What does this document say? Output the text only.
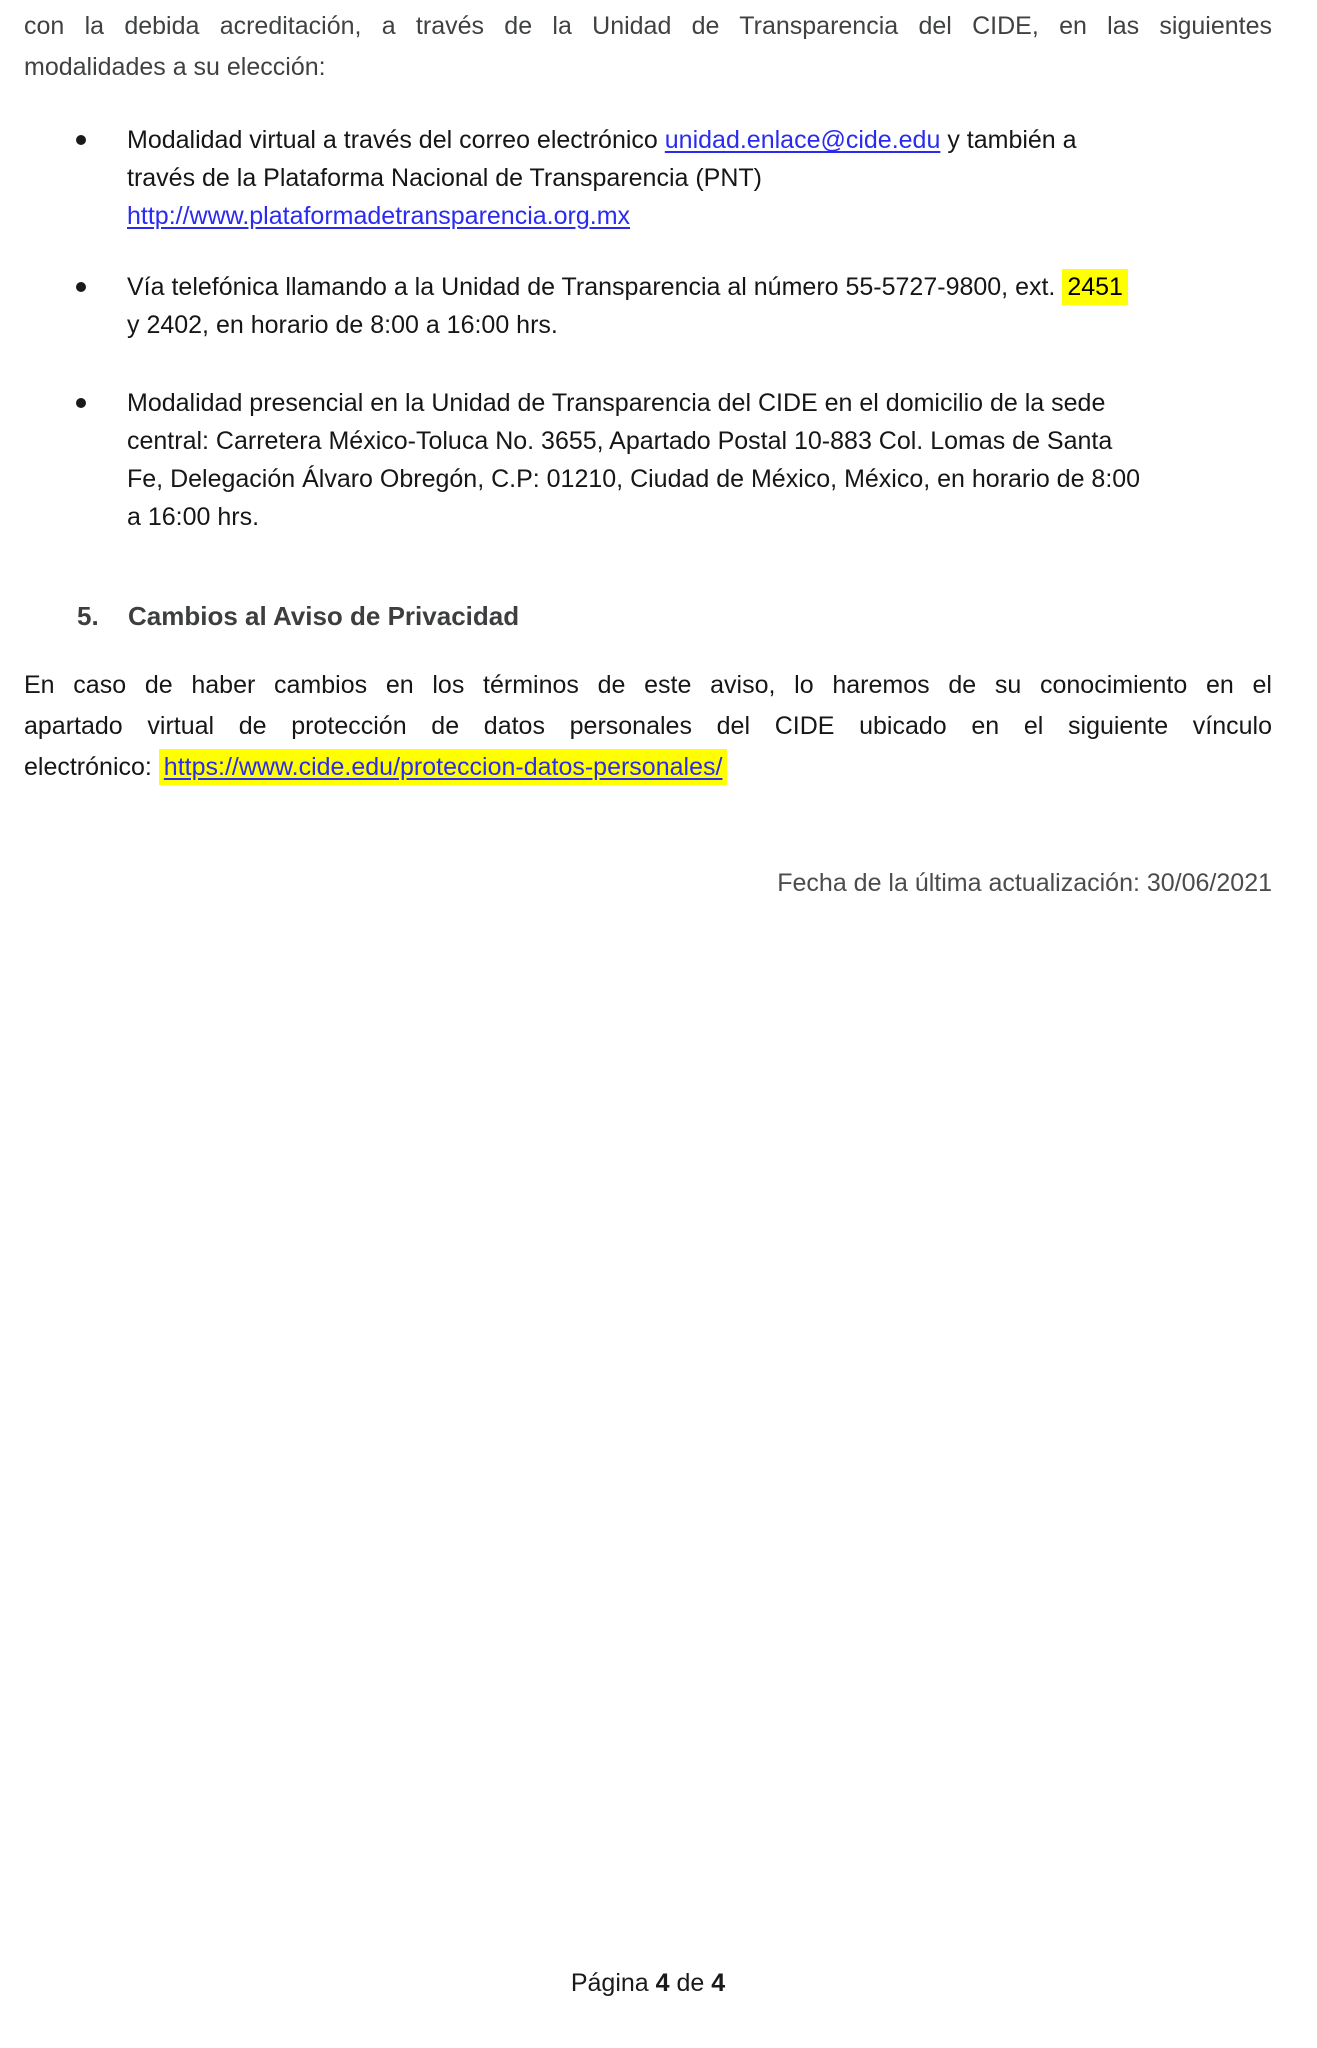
con la debida acreditación, a través de la Unidad de Transparencia del CIDE, en las siguientes
modalidades a su elección:
Modalidad virtual a través del correo electrónico unidad.enlace@cide.edu y también a
través de la Plataforma Nacional de Transparencia (PNT)
http://www.plataformadetransparencia.org.mx
Vía telefónica llamando a la Unidad de Transparencia al número 55-5727-9800, ext. 2451
y 2402, en horario de 8:00 a 16:00 hrs.
Modalidad presencial en la Unidad de Transparencia del CIDE en el domicilio de la sede
central: Carretera México-Toluca No. 3655, Apartado Postal 10-883 Col. Lomas de Santa
Fe, Delegación Álvaro Obregón, C.P: 01210, Ciudad de México, México, en horario de 8:00
a 16:00 hrs.
5. Cambios al Aviso de Privacidad
En caso de haber cambios en los términos de este aviso, lo haremos de su conocimiento en el
apartado virtual de protección de datos personales del CIDE ubicado en el siguiente vínculo
electrónico: https://www.cide.edu/proteccion-datos-personales/
Fecha de la última actualización: 30/06/2021
Página 4 de 4
